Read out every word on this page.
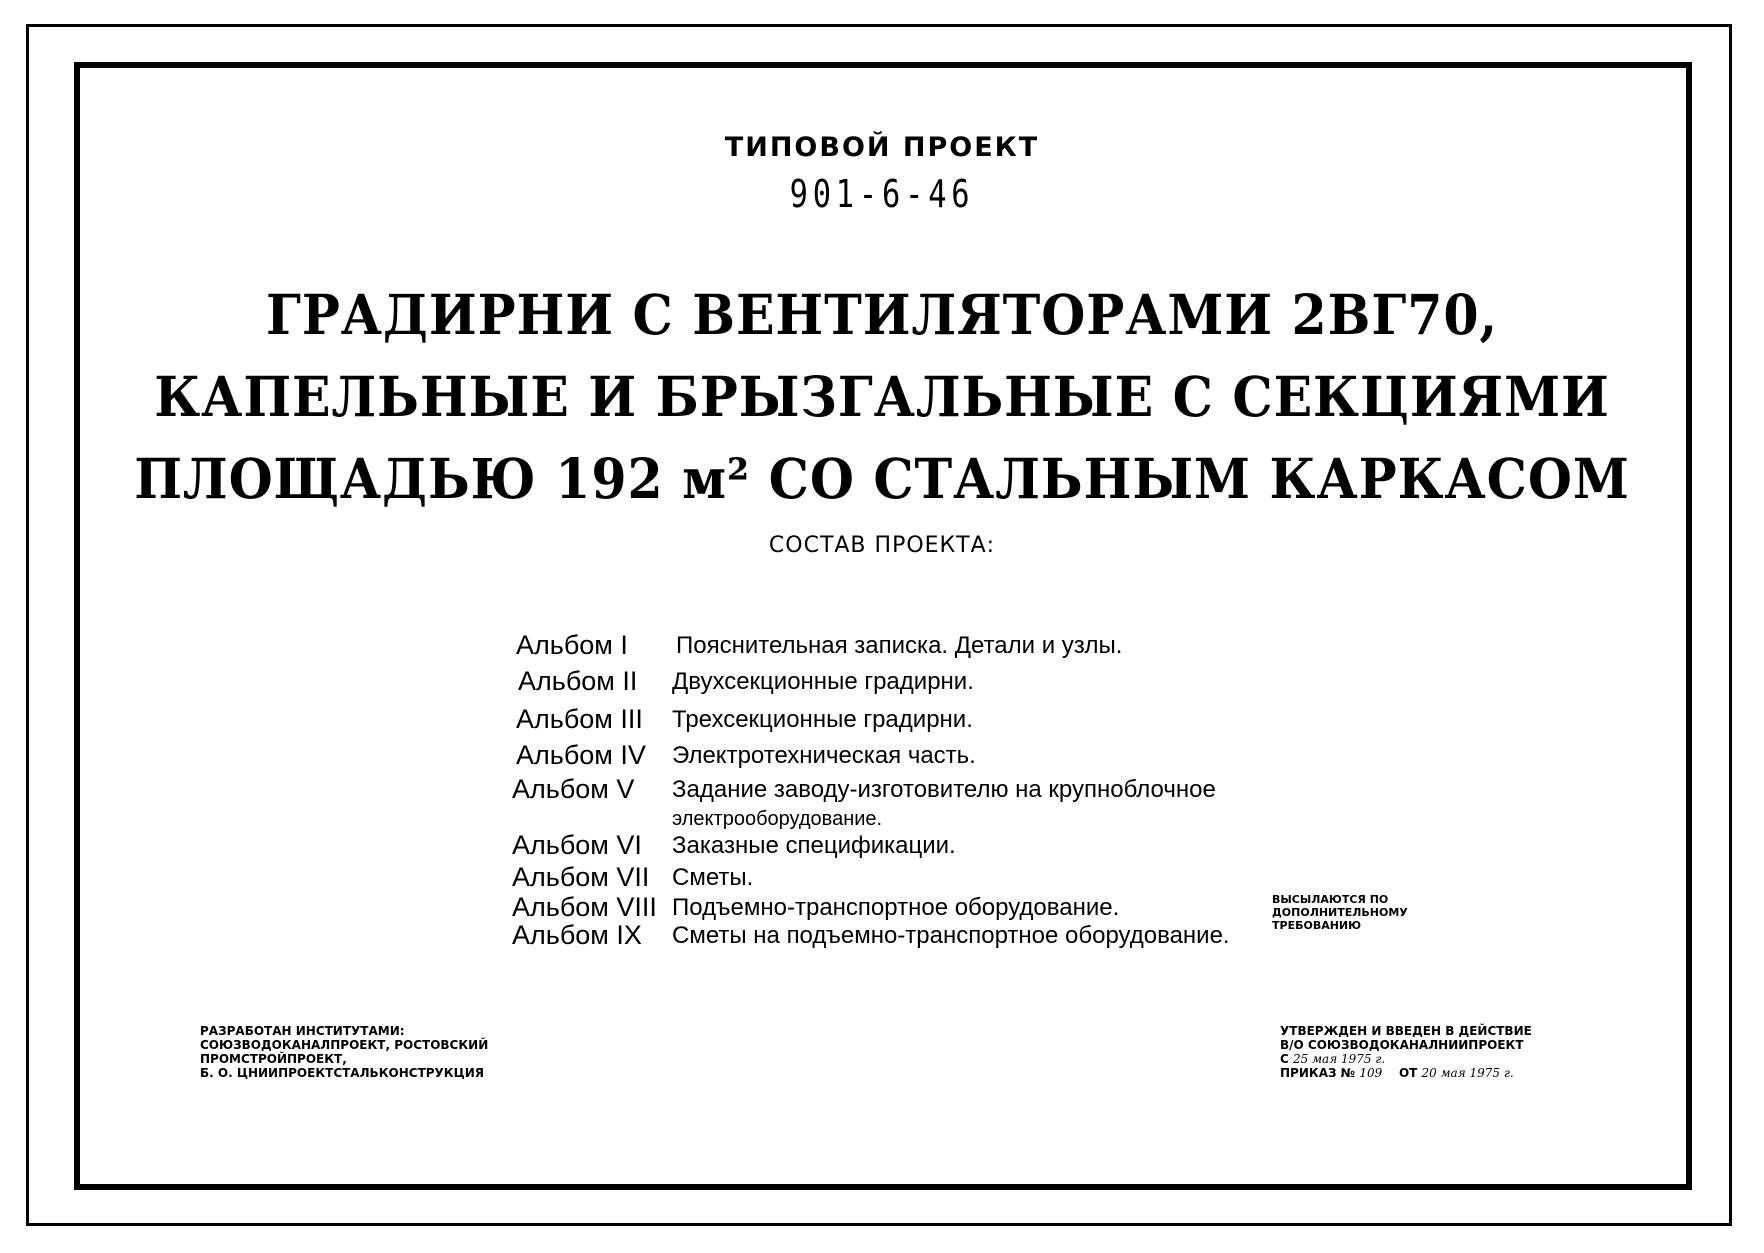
ТИПОВОЙ ПРОЕКТ
901-6-46
ГРАДИРНИ С ВЕНТИЛЯТОРАМИ 2ВГ70,
КАПЕЛЬНЫЕ И БРЫЗГАЛЬНЫЕ С СЕКЦИЯМИ
ПЛОЩАДЬЮ 192 м² СО СТАЛЬНЫМ КАРКАСОМ
СОСТАВ ПРОЕКТА:
Альбом I Пояснительная записка. Детали и узлы.
Альбом II Двухсекционные градирни.
Альбом III Трехсекционные градирни.
Альбом IV Электротехническая часть.
Альбом V Задание заводу-изготовителю на крупноблочное
электрооборудование.
Альбом VI Заказные спецификации.
Альбом VII Сметы.
Альбом VIII Подъемно-транспортное оборудование.
Альбом IX Сметы на подъемно-транспортное оборудование.
ВЫСЫЛАЮТСЯ ПО
ДОПОЛНИТЕЛЬНОМУ
ТРЕБОВАНИЮ
РАЗРАБОТАН ИНСТИТУТАМИ:
СОЮЗВОДОКАНАЛПРОЕКТ, РОСТОВСКИЙ
ПРОМСТРОЙПРОЕКТ,
Б. О. ЦНИИПРОЕКТСТАЛЬКОНСТРУКЦИЯ
УТВЕРЖДЕН И ВВЕДЕН В ДЕЙСТВИЕ
В/О СОЮЗВОДОКАНАЛНИИПРОЕКТ
С 25 мая 1975 г.
ПРИКАЗ № 109 ОТ 20 мая 1975 г.
